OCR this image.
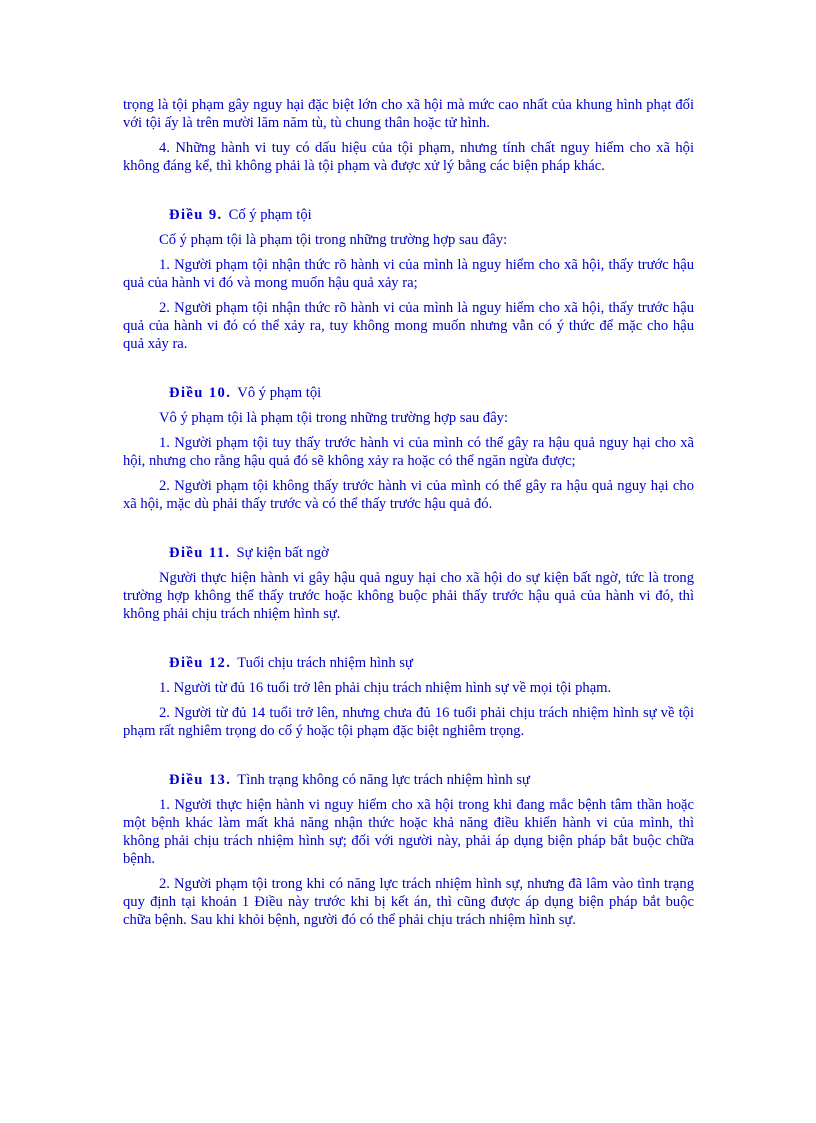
trọng là tội phạm gây nguy hại đặc biệt lớn cho xã hội mà mức cao nhất của khung hình phạt đối với tội ấy là trên mười lăm năm tù, tù chung thân hoặc tử hình.

4. Những hành vi tuy có dấu hiệu của tội phạm, nhưng tính chất nguy hiểm cho xã hội không đáng kể, thì không phải là tội phạm và được xử lý bằng các biện pháp khác.

Điều 9. Cố ý phạm tội

Cố ý phạm tội là phạm tội trong những trường hợp sau đây:

1. Người phạm tội nhận thức rõ hành vi của mình là nguy hiểm cho xã hội, thấy trước hậu quả của hành vi đó và mong muốn hậu quả xảy ra;

2. Người phạm tội nhận thức rõ hành vi của mình là nguy hiểm cho xã hội, thấy trước hậu quả của hành vi đó có thể xảy ra, tuy không mong muốn nhưng vẫn có ý thức để mặc cho hậu quả xảy ra.

Điều 10. Vô ý phạm tội

Vô ý phạm tội là phạm tội trong những trường hợp sau đây:

1. Người phạm tội tuy thấy trước hành vi của mình có thể gây ra hậu quả nguy hại cho xã hội, nhưng cho rằng hậu quả đó sẽ không xảy ra hoặc có thể ngăn ngừa được;

2. Người phạm tội không thấy trước hành vi của mình có thể gây ra hậu quả nguy hại cho xã hội, mặc dù phải thấy trước và có thể thấy trước hậu quả đó.

Điều 11. Sự kiện bất ngờ

Người thực hiện hành vi gây hậu quả nguy hại cho xã hội do sự kiện bất ngờ, tức là trong trường hợp không thể thấy trước hoặc không buộc phải thấy trước hậu quả của hành vi đó, thì không phải chịu trách nhiệm hình sự.

Điều 12. Tuổi chịu trách nhiệm hình sự

1. Người từ đủ 16 tuổi trở lên phải chịu trách nhiệm hình sự về mọi tội phạm.

2. Người từ đủ 14 tuổi trở lên, nhưng chưa đủ 16 tuổi phải chịu trách nhiệm hình sự về tội phạm rất nghiêm trọng do cố ý hoặc tội phạm đặc biệt nghiêm trọng.

Điều 13. Tình trạng không có năng lực trách nhiệm hình sự

1. Người thực hiện hành vi nguy hiểm cho xã hội trong khi đang mắc bệnh tâm thần hoặc một bệnh khác làm mất khả năng nhận thức hoặc khả năng điều khiển hành vi của mình, thì không phải chịu trách nhiệm hình sự; đối với người này, phải áp dụng biện pháp bắt buộc chữa bệnh.

2. Người phạm tội trong khi có năng lực trách nhiệm hình sự, nhưng đã lâm vào tình trạng quy định tại khoản 1 Điều này trước khi bị kết án, thì cũng được áp dụng biện pháp bắt buộc chữa bệnh. Sau khi khỏi bệnh, người đó có thể phải chịu trách nhiệm hình sự.
